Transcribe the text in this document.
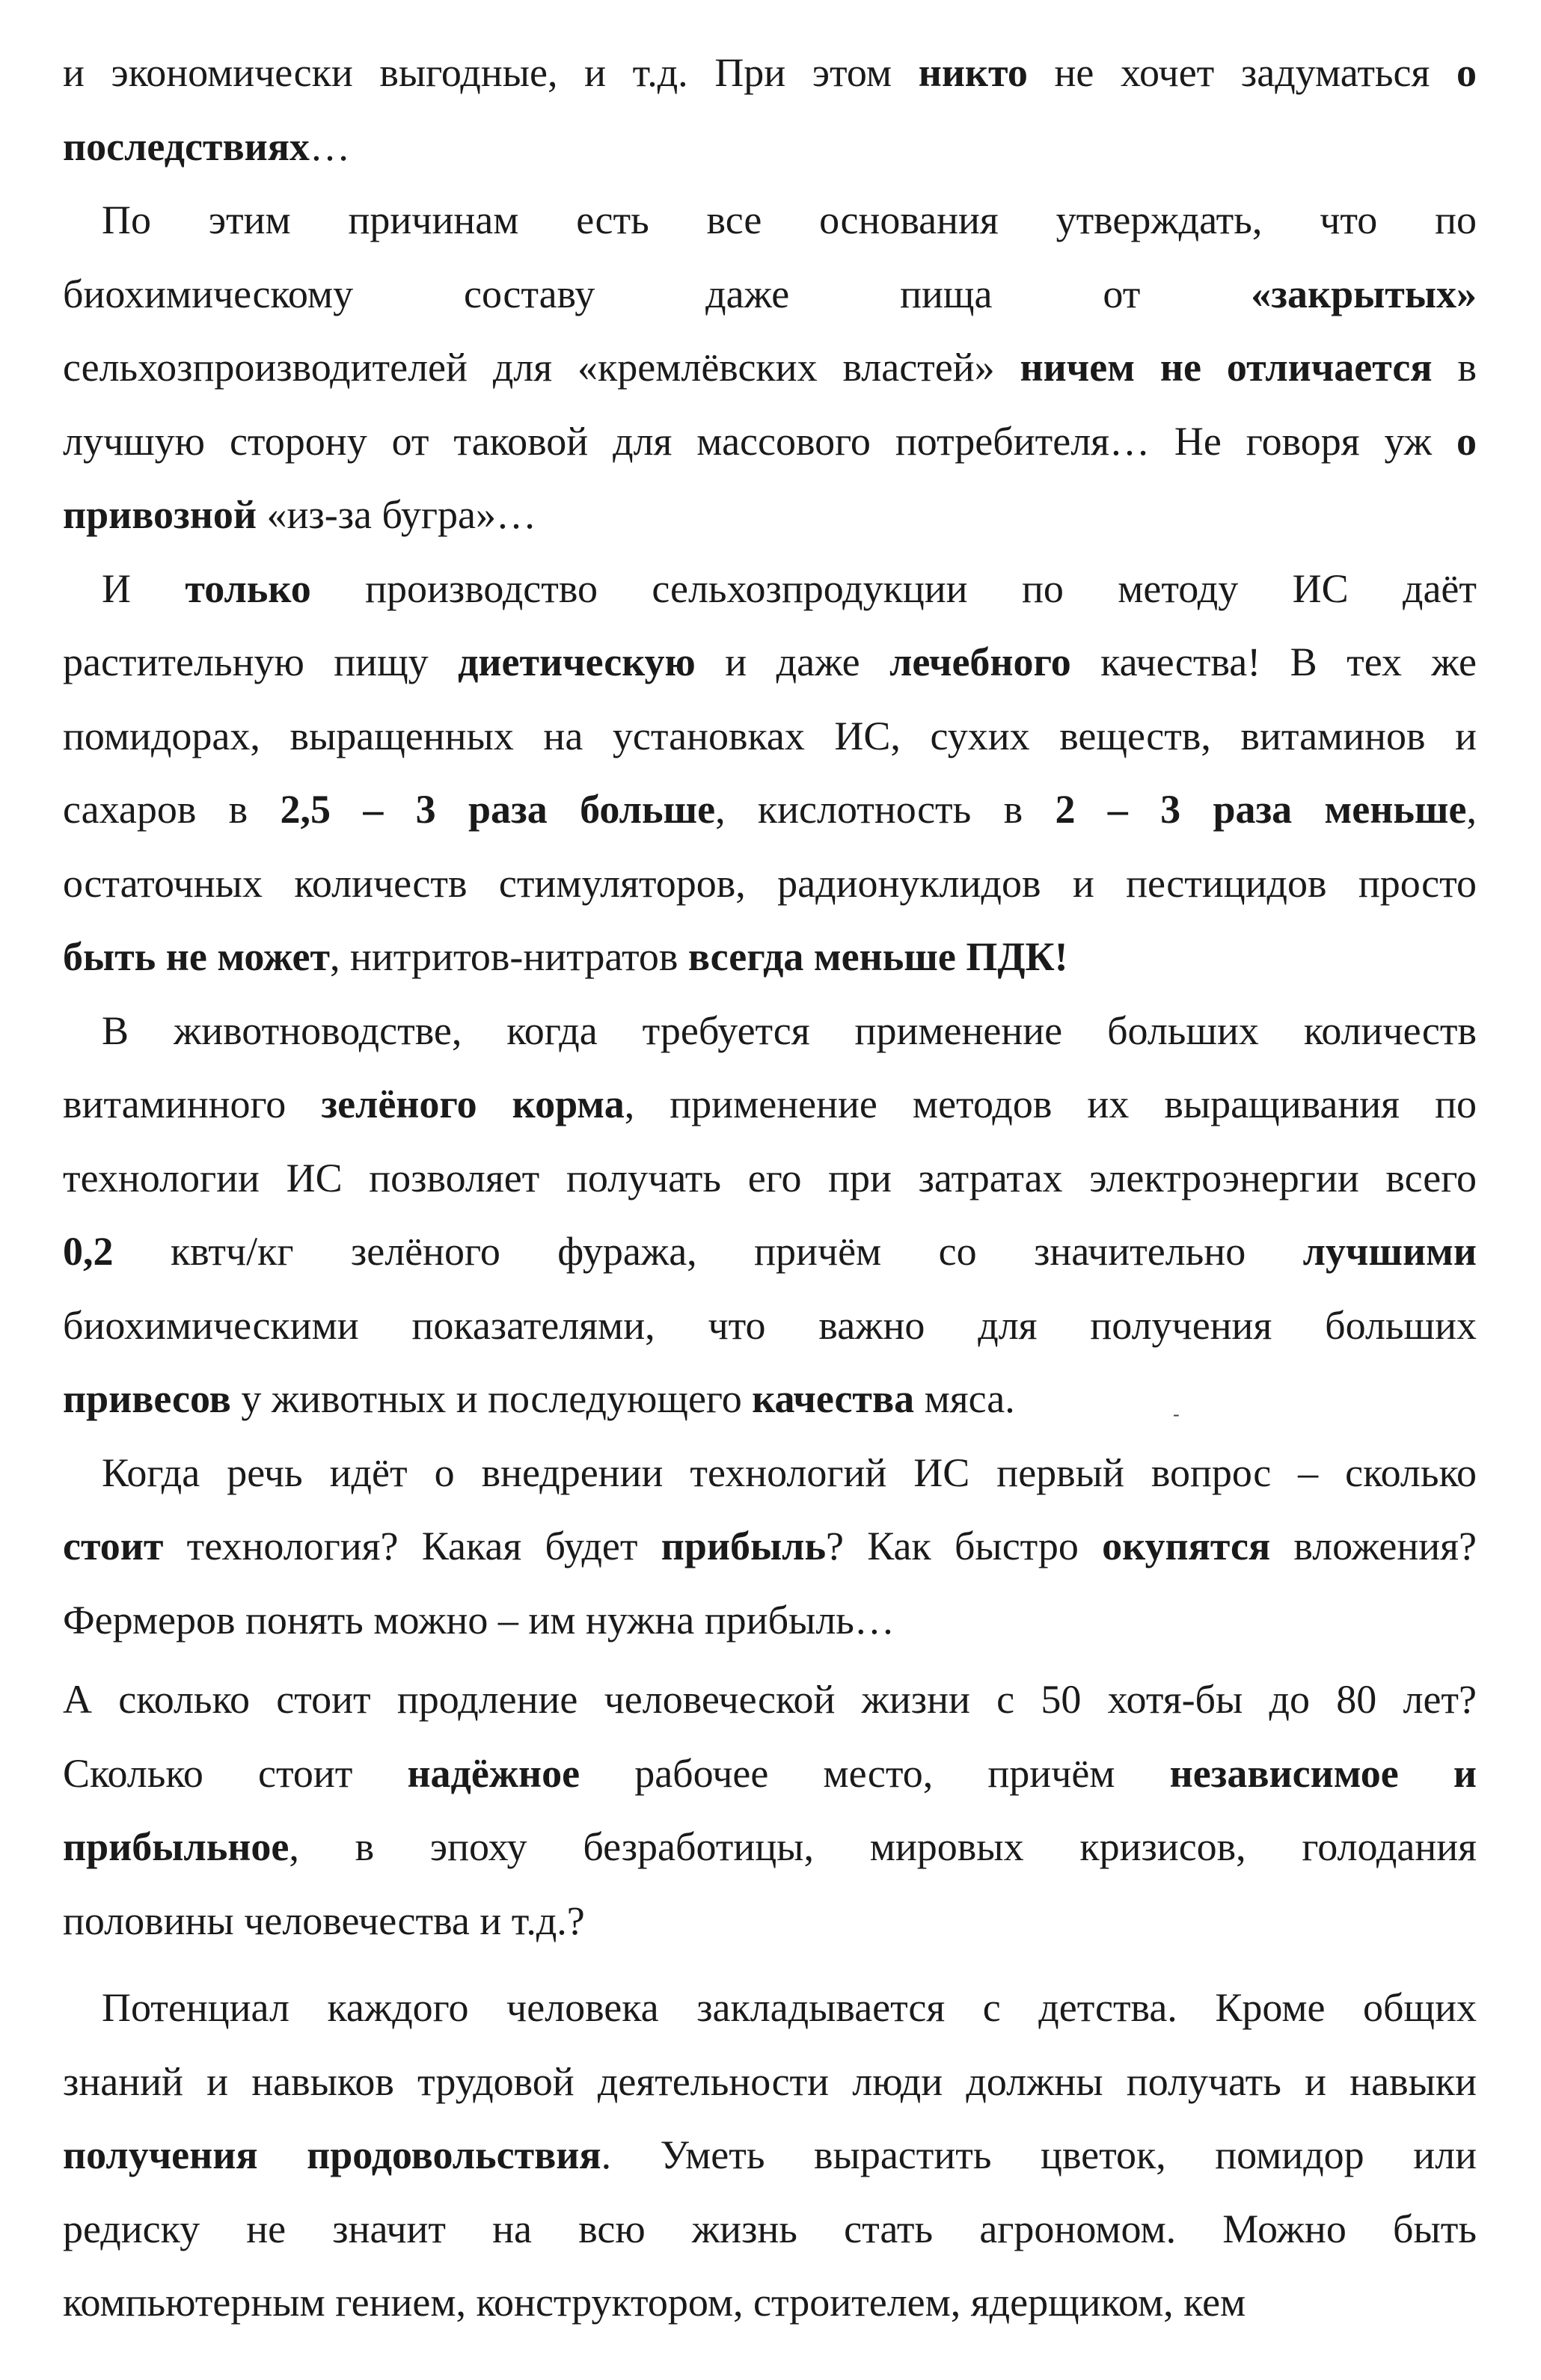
и экономически выгодные, и т.д. При этом никто не хочет задуматься о
последствиях…
По этим причинам есть все основания утверждать, что по
биохимическому составу даже пища от «закрытых»
сельхозпроизводителей для «кремлёвских властей» ничем не отличается в
лучшую сторону от таковой для массового потребителя… Не говоря уж о
привозной «из-за бугра»…
И только производство сельхозпродукции по методу ИС даёт
растительную пищу диетическую и даже лечебного качества! В тех же
помидорах, выращенных на установках ИС, сухих веществ, витаминов и
сахаров в 2,5 – 3 раза больше, кислотность в 2 – 3 раза меньше,
остаточных количеств стимуляторов, радионуклидов и пестицидов просто
быть не может, нитритов-нитратов всегда меньше ПДК!
В животноводстве, когда требуется применение больших количеств
витаминного зелёного корма, применение методов их выращивания по
технологии ИС позволяет получать его при затратах электроэнергии всего
0,2 квтч/кг зелёного фуража, причём со значительно лучшими
биохимическими показателями, что важно для получения больших
привесов у животных и последующего качества мяса.
Когда речь идёт о внедрении технологий ИС первый вопрос – сколько
стоит технология? Какая будет прибыль? Как быстро окупятся вложения?
Фермеров понять можно – им нужна прибыль…
А сколько стоит продление человеческой жизни с 50 хотя-бы до 80 лет?
Сколько стоит надёжное рабочее место, причём независимое и
прибыльное, в эпоху безработицы, мировых кризисов, голодания
половины человечества и т.д.?
Потенциал каждого человека закладывается с детства. Кроме общих
знаний и навыков трудовой деятельности люди должны получать и навыки
получения продовольствия. Уметь вырастить цветок, помидор или
редиску не значит на всю жизнь стать агрономом. Можно быть
компьютерным гением, конструктором, строителем, ядерщиком, кем
-
